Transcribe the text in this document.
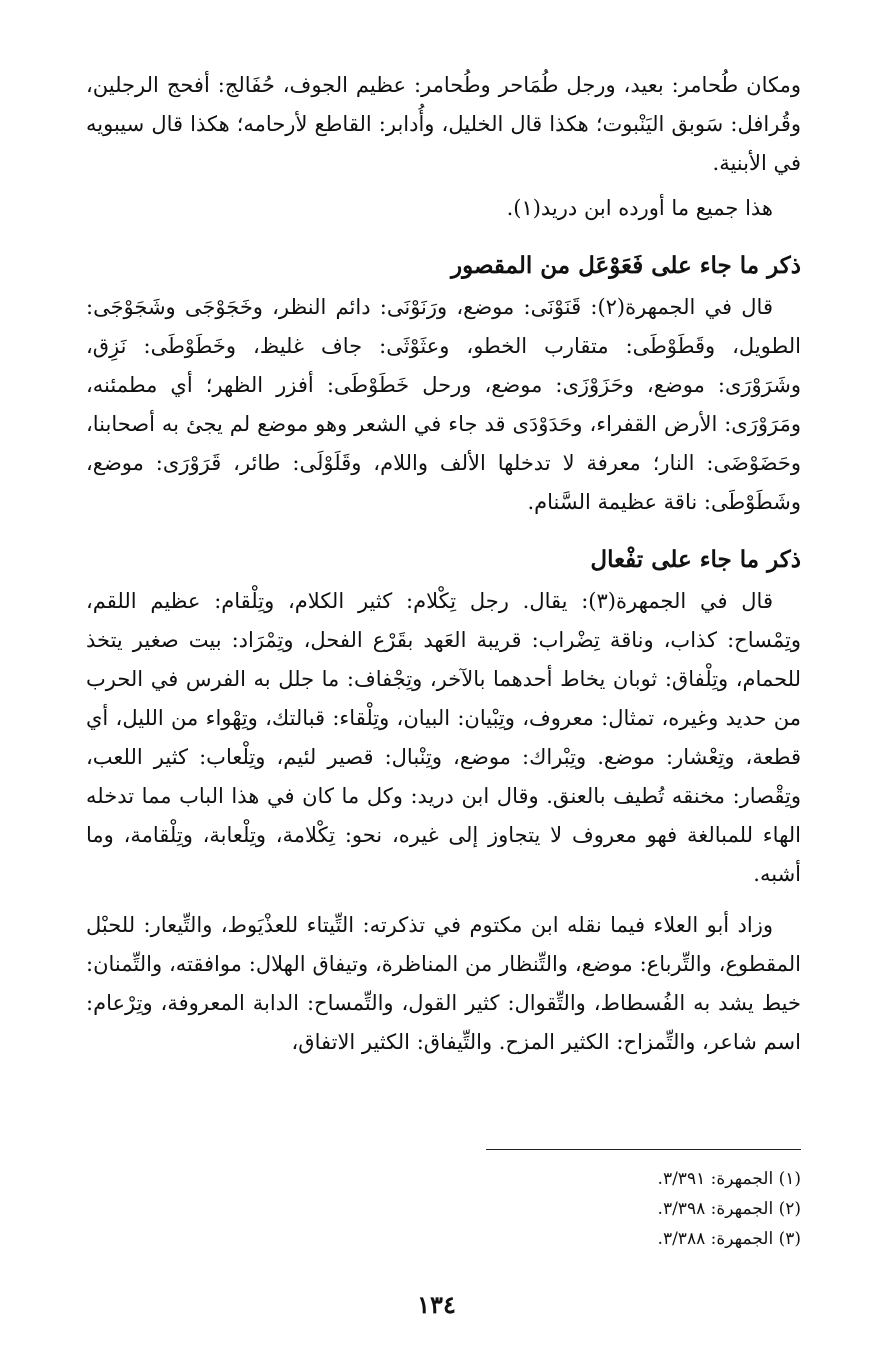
ومكان طُحامر: بعيد، ورجل طُمَاحر وطُحامر: عظيم الجوف، حُفَالج: أفحج الرجلين، وقُرافل: سَوبق اليَنْبوت؛ هكذا قال الخليل، وأُدابر: القاطع لأرحامه؛ هكذا قال سيبويه في الأبنية.

هذا جميع ما أورده ابن دريد(١).

ذكر ما جاء على فَعَوْعَل من المقصور

قال في الجمهرة(٢): قَنَوْنَى: موضع، ورَنَوْنَى: دائم النظر، وخَجَوْجَى وشَجَوْجَى: الطويل، وقَطَوْطَى: متقارب الخطو، وعثَوْثَى: جاف غليظ، وخَطَوْطَى: نَزِق، وشَرَوْرَى: موضع، وحَزَوْزَى: موضع، ورحل خَطَوْطَى: أفزر الظهر؛ أي مطمئنه، ومَرَوْرَى: الأرض القفراء، وحَدَوْدَى قد جاء في الشعر وهو موضع لم يجئ به أصحابنا، وحَضَوْضَى: النار؛ معرفة لا تدخلها الألف واللام، وقَلَوْلَى: طائر، قَرَوْرَى: موضع، وشَطَوْطَى: ناقة عظيمة السَّنام.

ذكر ما جاء على تفْعال

قال في الجمهرة(٣): يقال. رجل تِكْلام: كثير الكلام، وتِلْقام: عظيم اللقم، وتِمْساح: كذاب، وناقة تِضْراب: قريبة العَهد بقَرْع الفحل، وتِمْرَاد: بيت صغير يتخذ للحمام، وتِلْفاق: ثوبان يخاط أحدهما بالآخر، وتِجْفاف: ما جلل به الفرس في الحرب من حديد وغيره، تمثال: معروف، وتِبْيان: البيان، وتِلْقاء: قبالتك، وتِهْواء من الليل، أي قطعة، وتِعْشار: موضع. وتِبْراك: موضع، وتِنْبال: قصير لئيم، وتِلْعاب: كثير اللعب، وتِقْصار: مخنقه تُطيف بالعنق. وقال ابن دريد: وكل ما كان في هذا الباب مما تدخله الهاء للمبالغة فهو معروف لا يتجاوز إلى غيره، نحو: تِكْلامة، وتِلْعابة، وتِلْقامة، وما أشبه.

وزاد أبو العلاء فيما نقله ابن مكتوم في تذكرته: التِّيتاء للعذْيَوط، والتِّيعار: للحبْل المقطوع، والتِّرباع: موضع، والتِّنظار من المناظرة، وتيفاق الهلال: موافقته، والتِّمنان: خيط يشد به الفُسطاط، والتِّقوال: كثير القول، والتِّمساح: الدابة المعروفة، وتِرْعام: اسم شاعر، والتِّمزاح: الكثير المزح. والتِّيفاق: الكثير الاتفاق،

(١) الجمهرة: ٣/٣٩١.

(٢) الجمهرة: ٣/٣٩٨.

(٣) الجمهرة: ٣/٣٨٨.

١٣٤
